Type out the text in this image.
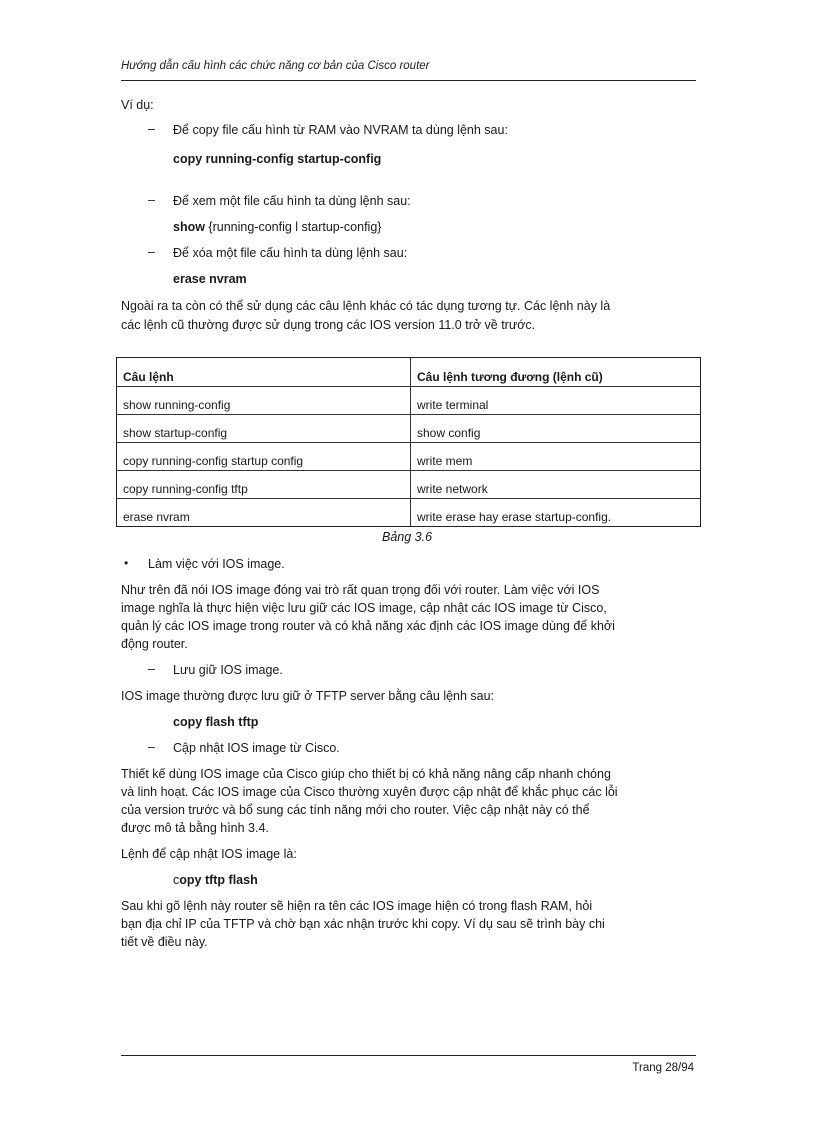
Hướng dẫn cấu hình các chức năng cơ bản của Cisco router
Ví dụ:
– Để copy file cấu hình từ RAM vào NVRAM ta dùng lệnh sau:
copy running-config startup-config
– Để xem một file cấu hình ta dùng lệnh sau:
show {running-config l startup-config}
– Để xóa một file cấu hình ta dùng lệnh sau:
erase nvram
Ngoài ra ta còn có thể sử dụng các câu lệnh khác có tác dụng tương tự. Các lệnh này là
các lệnh cũ thường được sử dụng trong các IOS version 11.0 trở về trước.
Câu lệnh	Câu lệnh tương đương (lệnh cũ)
show running-config	write terminal
show startup-config	show config
copy running-config startup config	write mem
copy running-config tftp	write network
erase nvram	write erase hay erase startup-config.
Bảng 3.6
• Làm việc với IOS image.
Như trên đã nói IOS image đóng vai trò rất quan trọng đối với router. Làm việc với IOS
image nghĩa là thực hiện việc lưu giữ các IOS image, cập nhật các IOS image từ Cisco,
quản lý các IOS image trong router và có khả năng xác định các IOS image dùng để khởi
động router.
– Lưu giữ IOS image.
IOS image thường được lưu giữ ở TFTP server bằng câu lệnh sau:
copy flash tftp
– Cập nhật IOS image từ Cisco.
Thiết kế dùng IOS image của Cisco giúp cho thiết bị có khả năng nâng cấp nhanh chóng
và linh hoạt. Các IOS image của Cisco thường xuyên được cập nhật để khắc phục các lỗi
của version trước và bổ sung các tính năng mới cho router. Việc cập nhật này có thể
được mô tả bằng hình 3.4.
Lệnh để cập nhật IOS image là:
copy tftp flash
Sau khi gõ lệnh này router sẽ hiện ra tên các IOS image hiện có trong flash RAM, hỏi
bạn địa chỉ IP của TFTP và chờ bạn xác nhận trước khi copy. Ví dụ sau sẽ trình bày chi
tiết về điều này.
Trang 28/94
